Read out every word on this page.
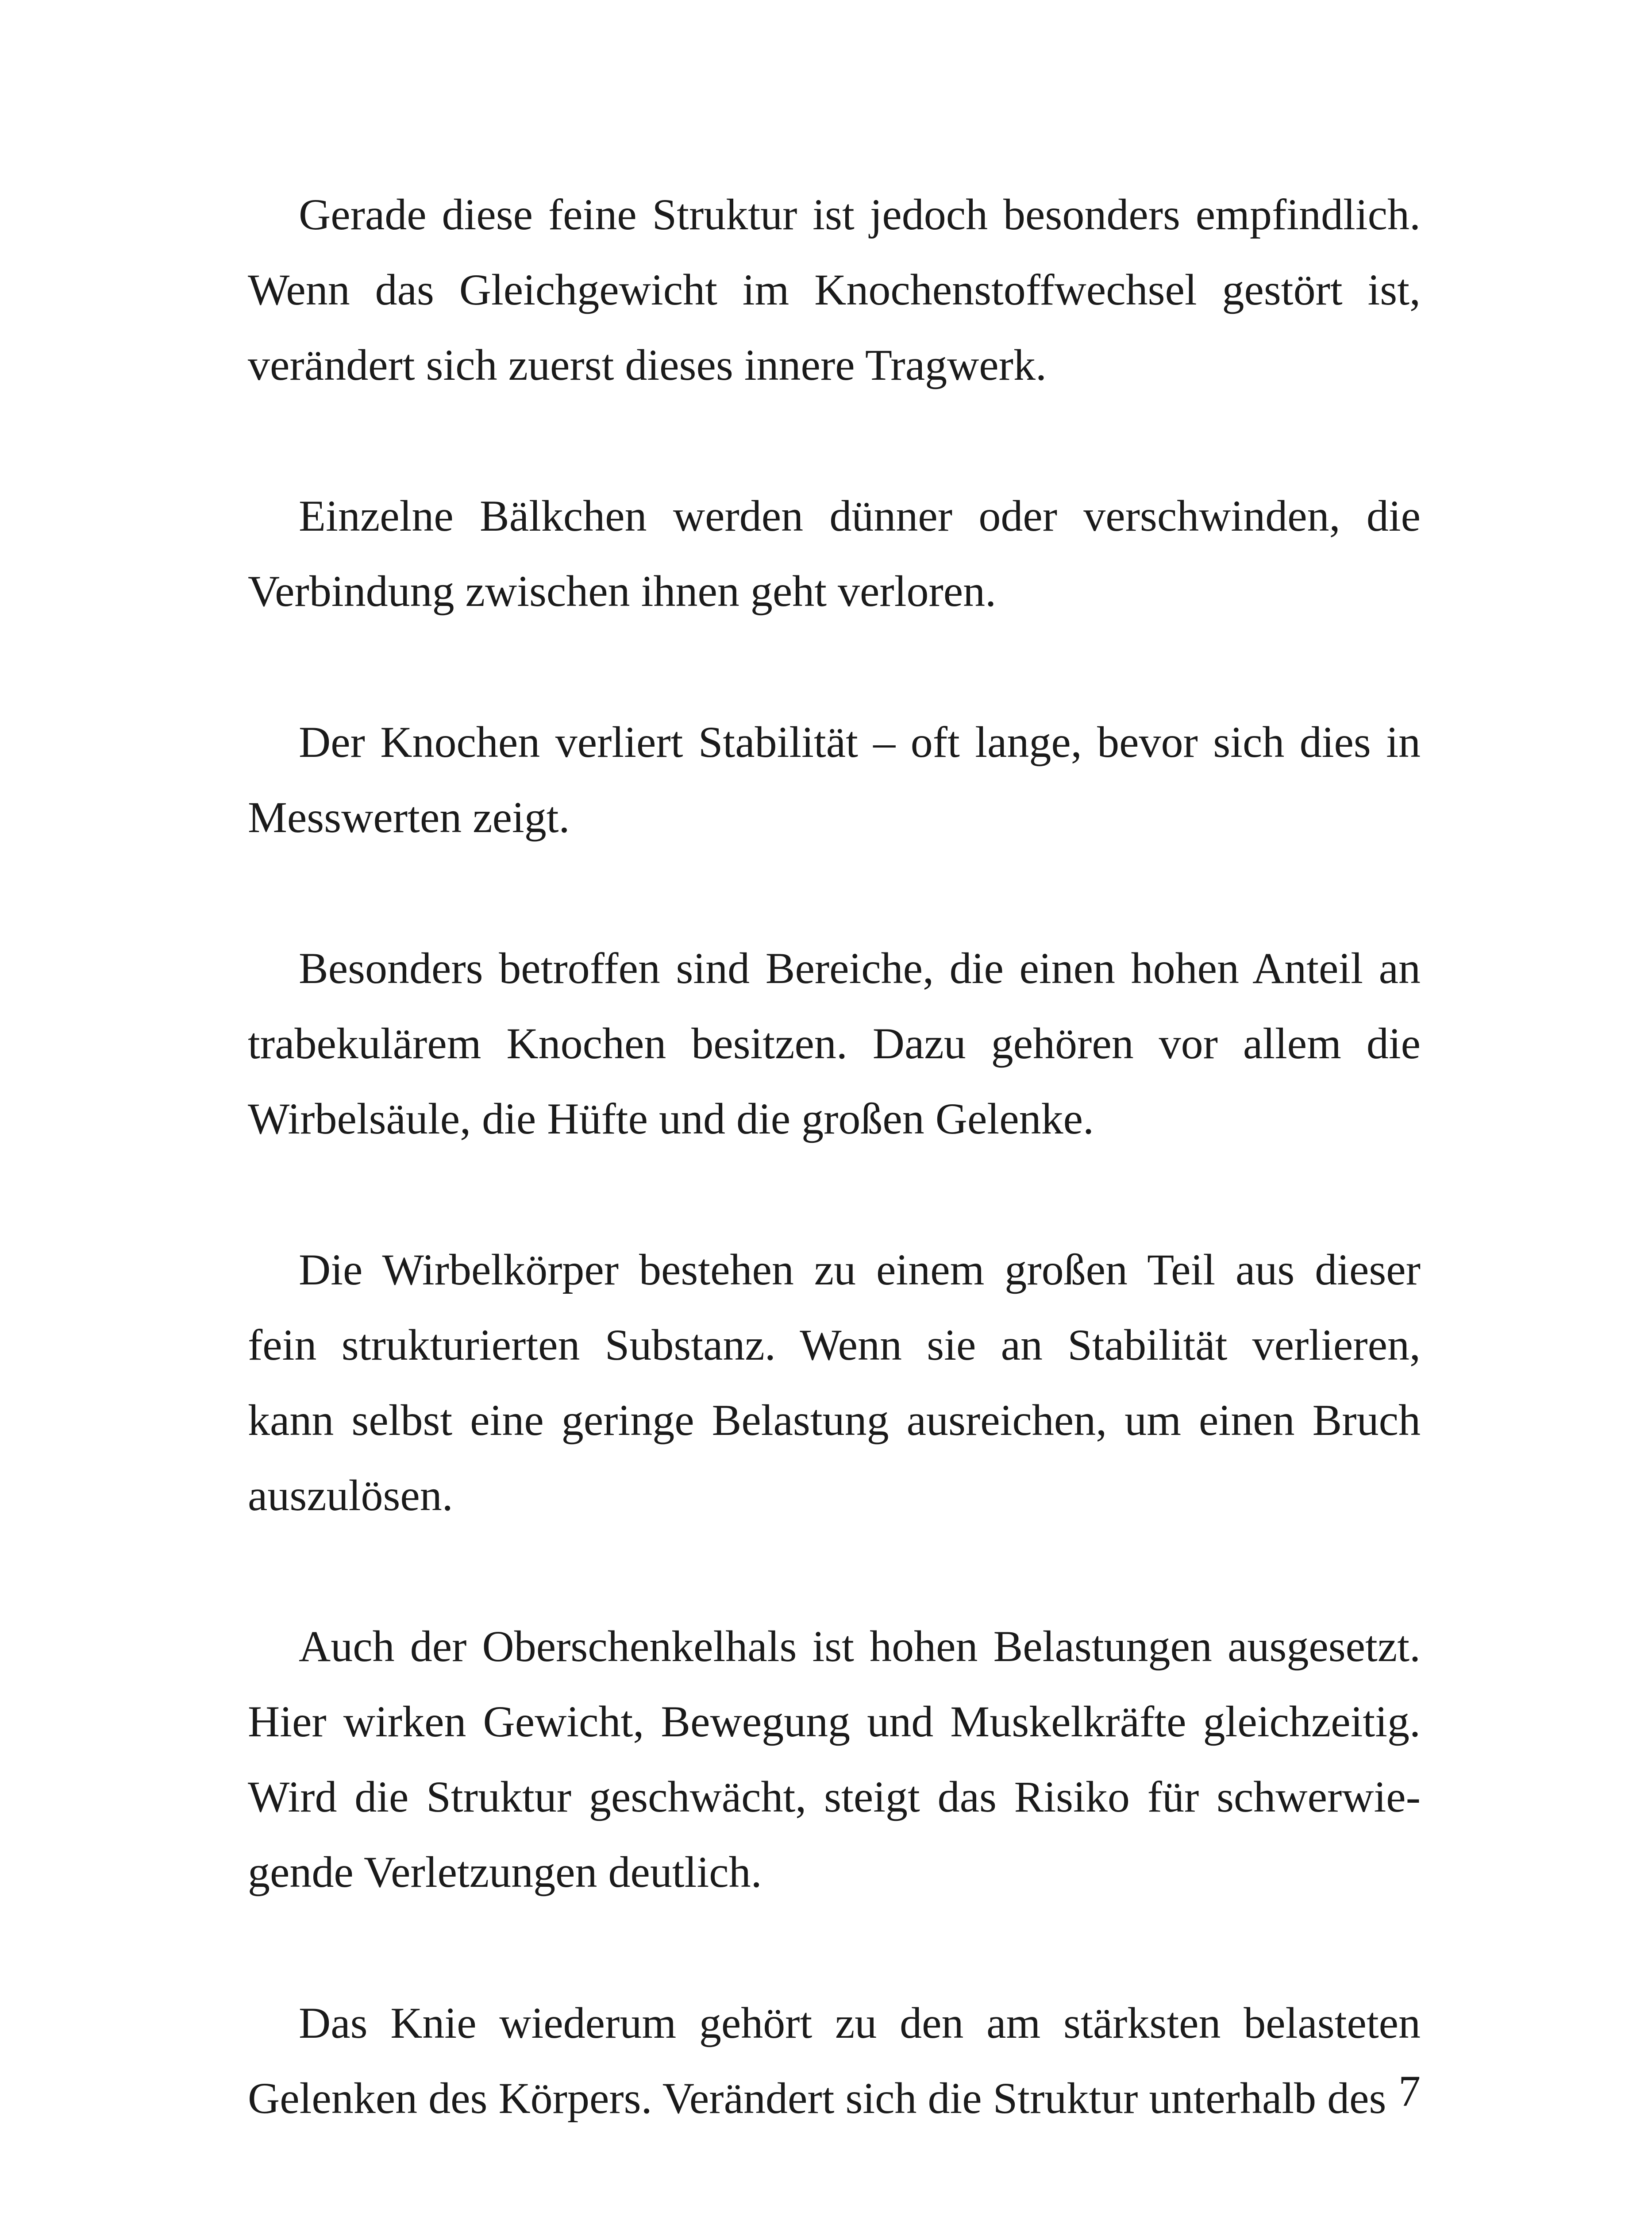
Gerade diese feine Struktur ist jedoch besonders empfindlich. Wenn das Gleichgewicht im Knochenstoffwechsel gestört ist, verändert sich zuerst dieses innere Tragwerk.

Einzelne Bälkchen werden dünner oder verschwinden, die Verbindung zwischen ihnen geht verloren.

Der Knochen verliert Stabilität – oft lange, bevor sich dies in Messwerten zeigt.

Besonders betroffen sind Bereiche, die einen hohen Anteil an trabekulärem Knochen besitzen. Dazu gehören vor allem die Wirbelsäule, die Hüfte und die großen Gelenke.

Die Wirbelkörper bestehen zu einem großen Teil aus dieser fein strukturierten Substanz. Wenn sie an Stabilität verlieren, kann selbst eine geringe Belastung ausreichen, um einen Bruch auszulösen.

Auch der Oberschenkelhals ist hohen Belastungen ausgesetzt. Hier wirken Gewicht, Bewegung und Muskelkräfte gleichzeitig. Wird die Struktur geschwächt, steigt das Risiko für schwerwiegende Verletzungen deutlich.

Das Knie wiederum gehört zu den am stärksten belasteten Gelenken des Körpers. Verändert sich die Struktur unterhalb des 7
